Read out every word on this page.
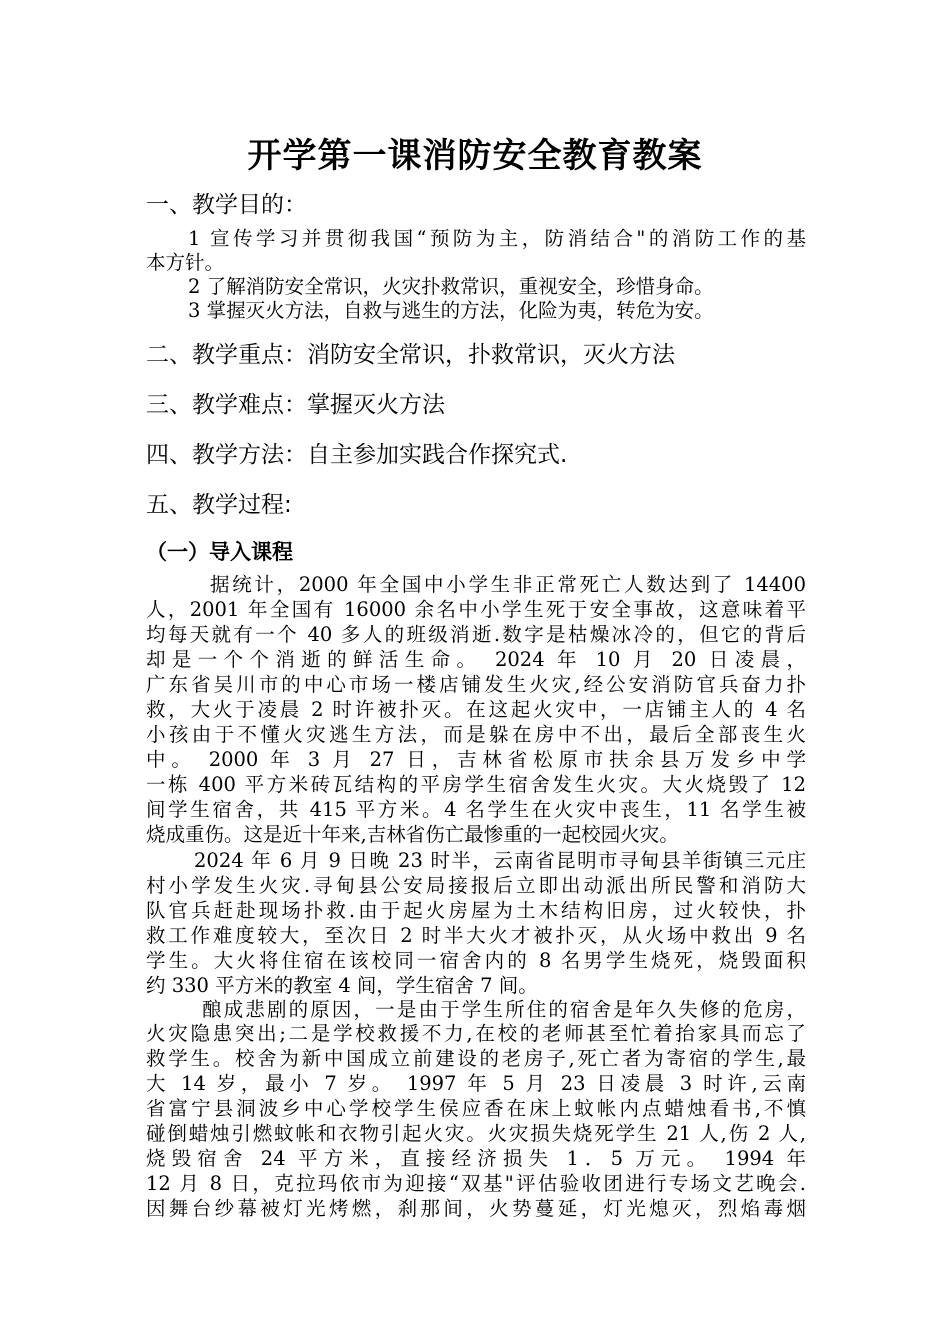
开学第一课消防安全教育教案
一、教学目的：
1 宣传学习并贯彻我国“预防为主，防消结合"的消防工作的基
本方针。
2 了解消防安全常识，火灾扑救常识，重视安全，珍惜身命。
3 掌握灭火方法，自救与逃生的方法，化险为夷，转危为安。
二、教学重点：消防安全常识，扑救常识，灭火方法
三、教学难点：掌握灭火方法
四、教学方法：自主参加实践合作探究式.
五、教学过程:
（一）导入课程
据统计，2000 年全国中小学生非正常死亡人数达到了 14400
人，2001 年全国有 16000 余名中小学生死于安全事故，这意味着平
均每天就有一个 40 多人的班级消逝.数字是枯燥冰冷的，但它的背后
却是一个个消逝的鲜活生命。 2024 年 10 月 20 日凌晨，
广东省吴川市的中心市场一楼店铺发生火灾,经公安消防官兵奋力扑
救，大火于凌晨 2 时许被扑灭。在这起火灾中，一店铺主人的 4 名
小孩由于不懂火灾逃生方法，而是躲在房中不出，最后全部丧生火
中。 2000 年 3 月 27 日，吉林省松原市扶余县万发乡中学
一栋 400 平方米砖瓦结构的平房学生宿舍发生火灾。大火烧毁了 12
间学生宿舍，共 415 平方米。4 名学生在火灾中丧生，11 名学生被
烧成重伤。这是近十年来,吉林省伤亡最惨重的一起校园火灾。
2024 年 6 月 9 日晚 23 时半，云南省昆明市寻甸县羊街镇三元庄
村小学发生火灾.寻甸县公安局接报后立即出动派出所民警和消防大
队官兵赶赴现场扑救.由于起火房屋为土木结构旧房，过火较快，扑
救工作难度较大，至次日 2 时半大火才被扑灭，从火场中救出 9 名
学生。大火将住宿在该校同一宿舍内的 8 名男学生烧死，烧毁面积
约 330 平方米的教室 4 间，学生宿舍 7 间。
酿成悲剧的原因，一是由于学生所住的宿舍是年久失修的危房，
火灾隐患突出;二是学校救援不力,在校的老师甚至忙着抬家具而忘了
救学生。校舍为新中国成立前建设的老房子,死亡者为寄宿的学生,最
大 14 岁，最小 7 岁。 1997 年 5 月 23 日凌晨 3 时许,云南
省富宁县洞波乡中心学校学生侯应香在床上蚊帐内点蜡烛看书,不慎
碰倒蜡烛引燃蚊帐和衣物引起火灾。火灾损失烧死学生 21 人,伤 2 人,
烧毁宿舍 24 平方米，直接经济损失 1．5 万元。 1994 年
12 月 8 日，克拉玛依市为迎接“双基"评估验收团进行专场文艺晚会.
因舞台纱幕被灯光烤燃，刹那间，火势蔓延，灯光熄灭，烈焰毒烟
